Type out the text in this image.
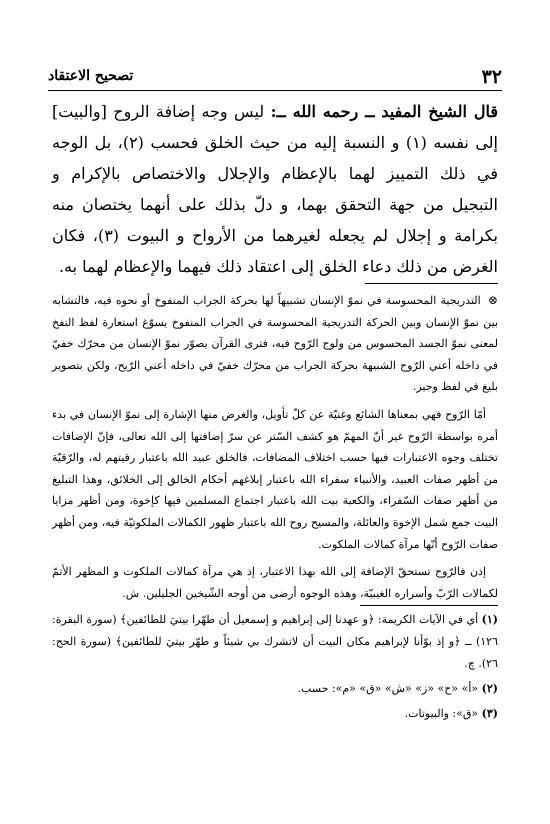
٣٢
تصحيح الاعتقاد

قال الشيخ المفيد ــ رحمه الله ــ: ليس وجه إضافة الروح [والبيت] إلى نفسه (١) و النسبة إليه من حيث الخلق فحسب (٢)، بل الوجه في ذلك التمييز لهما بالإعظام والإجلال والاختصاص بالإكرام و التبجيل من جهة التحقق بهما، و دلّ بذلك على أنهما يختصان منه بكرامة و إجلال لم يجعله لغيرهما من الأرواح و البيوت (٣)، فكان الغرض من ذلك دعاء الخلق إلى اعتقاد ذلك فيهما والإعظام لهما به.

⊗ التدريجية المحسوسة في نموّ الإنسان تشبيهاً لها بحركة الجراب المنفوخ أو نحوه فيه، فالتشابه بين نموّ الإنسان وبين الحركة التدريجية المحسوسة في الجراب المنفوخ يسوّغ استعارة لفظ النفخ لمعنى نموّ الجسد المحسوس من ولوج الرّوح فيه، فترى القرآن يصوّر نموّ الإنسان من محرّك خفيّ في داخله أعني الرّوح الشبيهة بحركة الجراب من محرّك خفيّ في داخله أعني الرّيح، ولكن بتصوير بليغ في لفظ وجيز.

أمّا الرّوح فهي بمعناها الشائع وغنيّة عن كلّ تأويل، والغرض منها الإشارة إلى نموّ الإنسان في بدء أمره بواسطة الرّوح غير أنّ المهمّ هو كشف السّتر عن سرّ إضافتها إلى الله تعالى، فإنّ الإضافات تختلف وجوه الاعتبارات فيها حسب اختلاف المضافات، فالخلق عبيد الله باعتبار رقيتهم له، والرّقيّة من أظهر صفات العبيد، والأنبياء سفراء الله باعتبار إبلاغهم أحكام الخالق إلى الخلائق، وهذا التبليغ من أظهر صفات السّفراء، والكعبة بيت الله باعتبار اجتماع المسلمين فيها كإخوة، ومن أظهر مزايا البيت جمع شمل الإخوة والعائلة، والمسيح روح الله باعتبار ظهور الكمالات الملكوتيّة فيه، ومن أظهر صفات الرّوح أنّها مرآة كمالات الملكوت.

إذن فالرّوح تستحقّ الإضافة إلى الله بهذا الاعتبار، إذ هي مرآة كمالات الملكوت و المظهر الأتمّ لكمالات الرّبّ وأسراره الغيبيّة، وهذه الوجوه أرضى من أوجه الشّيخين الجليلين. ش.

(١) أي في الآيات الكريمة: ﴿و عهدنا إلى إبراهيم و إسمعيل أن طهّرا بيتيَ للطائفين﴾ (سورة البقرة: ١٢٦) ــ ﴿و إذ بوّأنا لإبراهيم مكان البيت أن لاتشرك بي شيئاً و طهّر بيتيَ للطائفين﴾ (سورة الحج: ٢٦). چ.

(٢) «أ» «ح» «ز» «ش» «ق» «م»: حسب.

(٣) «ق»: والبيوتات.
